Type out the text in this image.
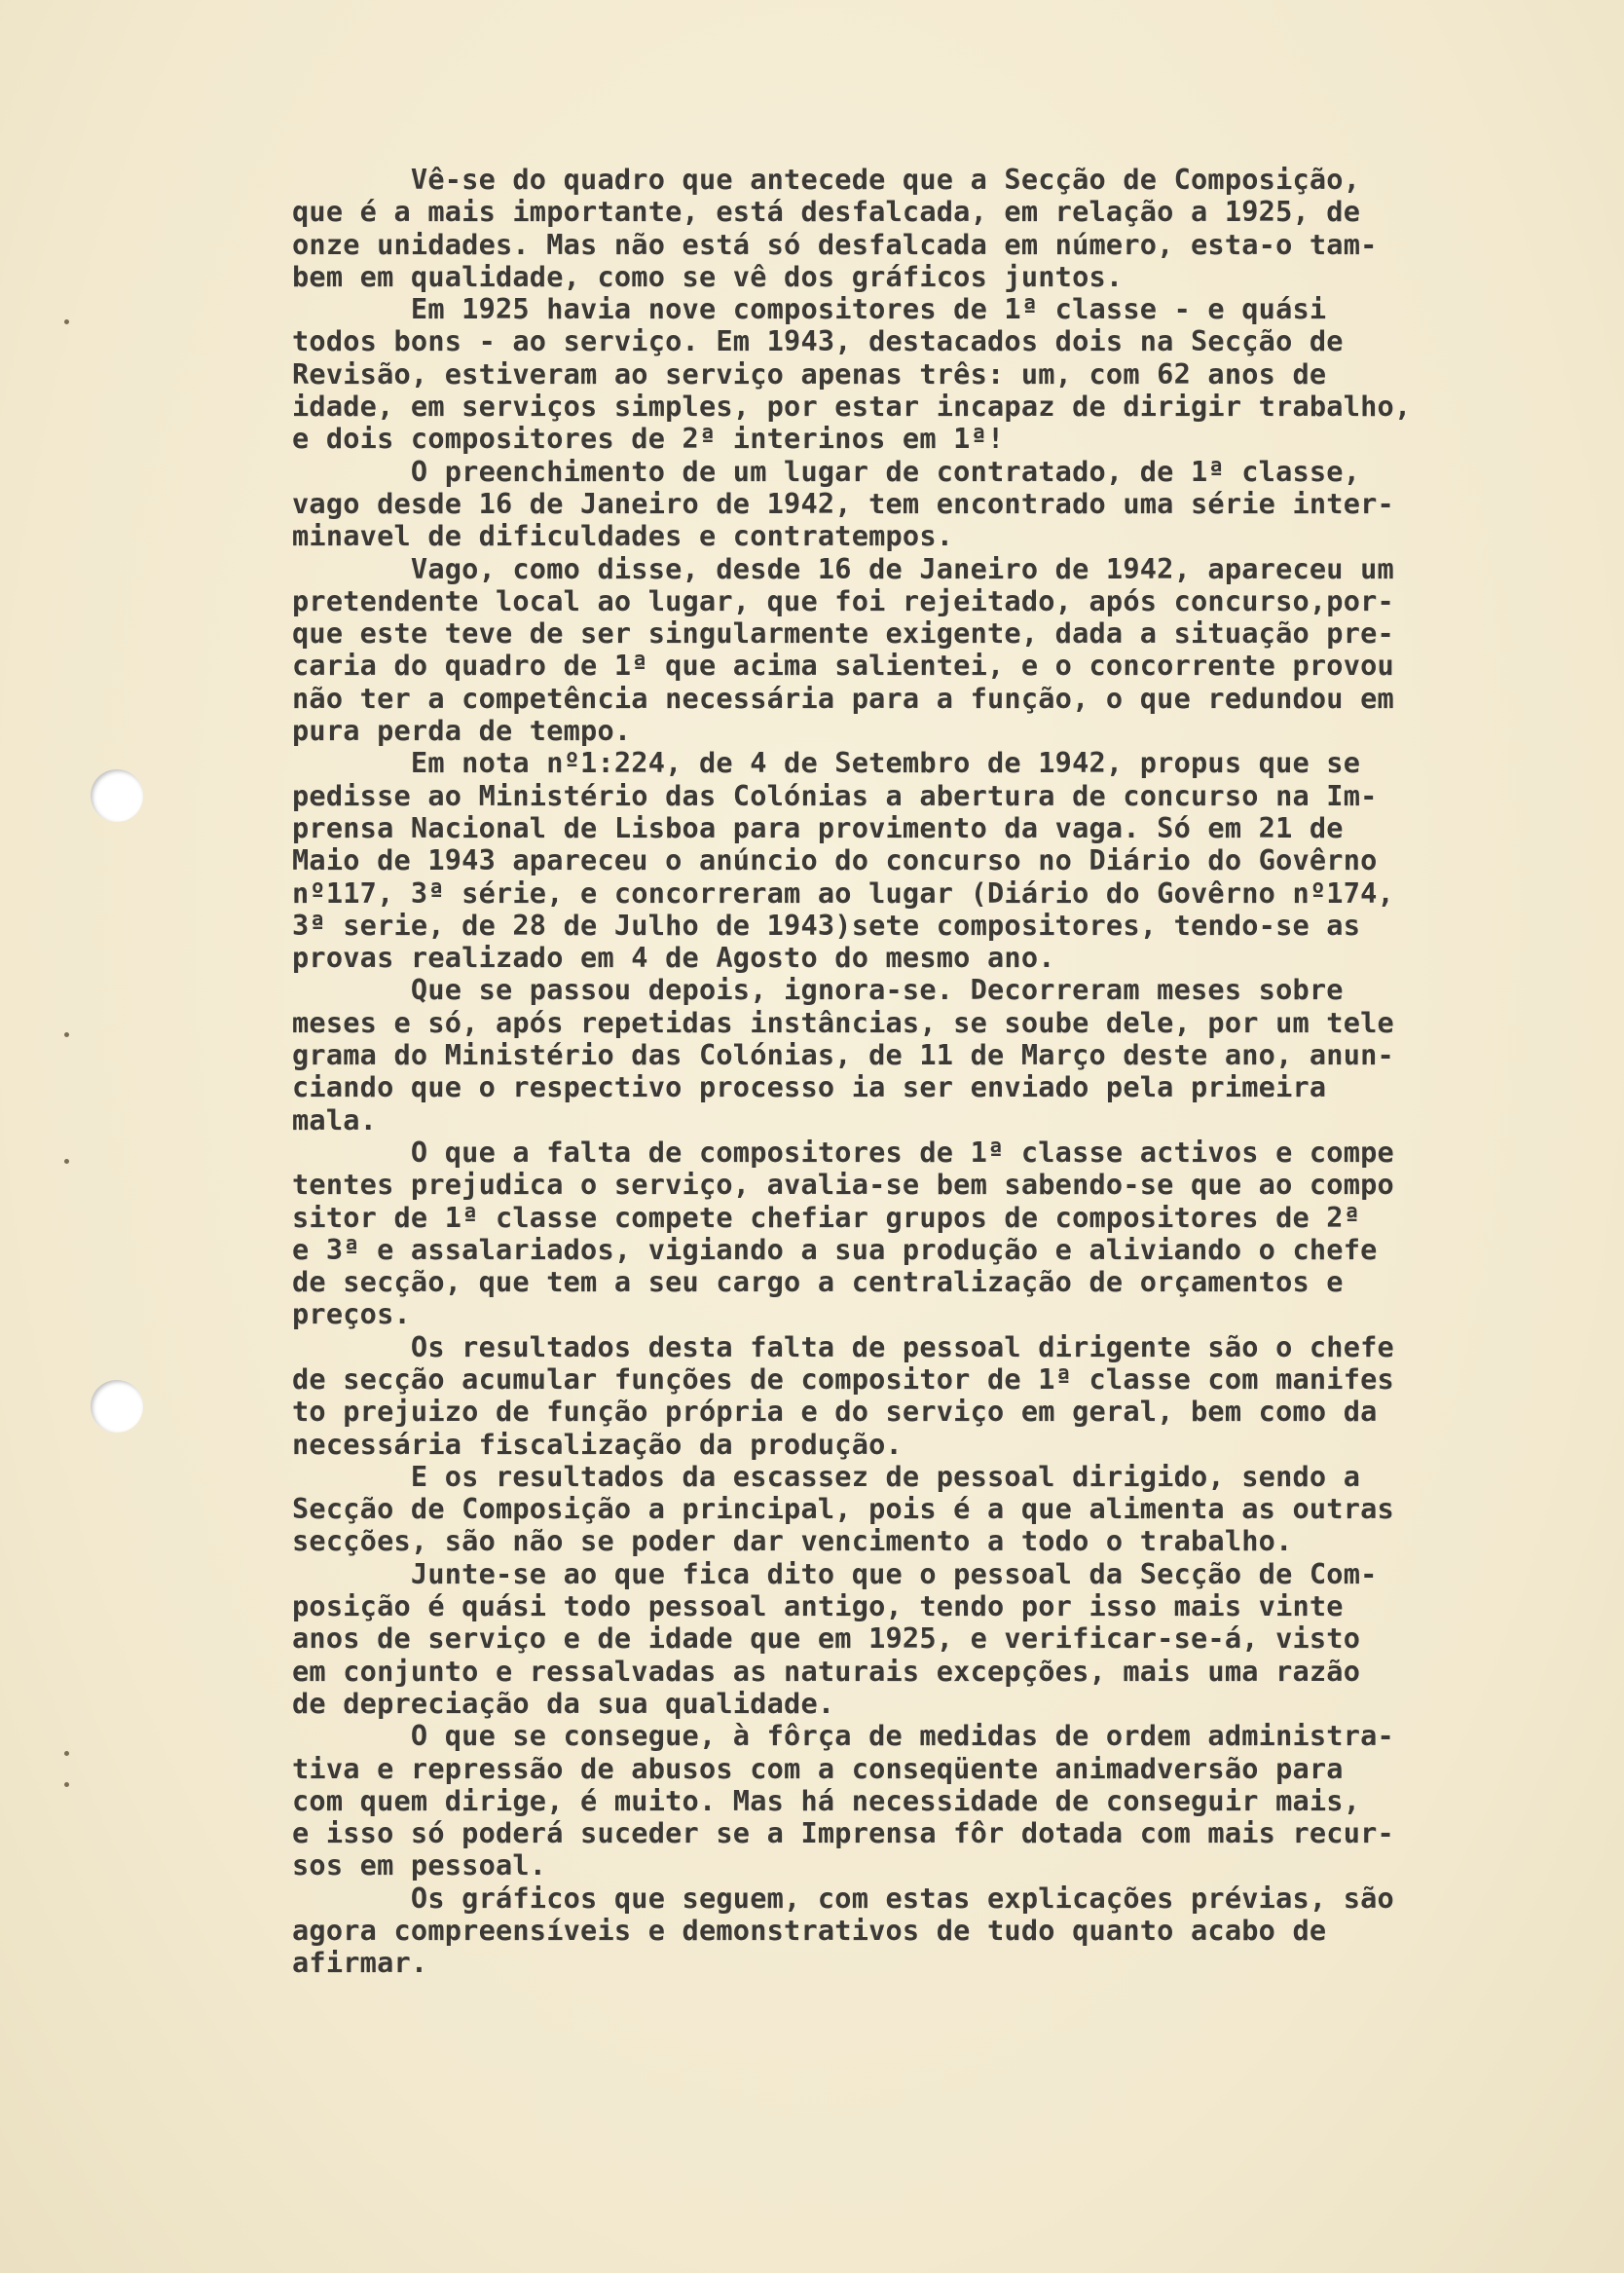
Vê-se do quadro que antecede que a Secção de Composição,
que é a mais importante, está desfalcada, em relação a 1925, de
onze unidades. Mas não está só desfalcada em número, esta-o tam-
bem em qualidade, como se vê dos gráficos juntos.
Em 1925 havia nove compositores de 1ª classe - e quási
todos bons - ao serviço. Em 1943, destacados dois na Secção de
Revisão, estiveram ao serviço apenas três: um, com 62 anos de
idade, em serviços simples, por estar incapaz de dirigir trabalho,
e dois compositores de 2ª interinos em 1ª!
O preenchimento de um lugar de contratado, de 1ª classe,
vago desde 16 de Janeiro de 1942, tem encontrado uma série inter-
minavel de dificuldades e contratempos.
Vago, como disse, desde 16 de Janeiro de 1942, apareceu um
pretendente local ao lugar, que foi rejeitado, após concurso,por-
que este teve de ser singularmente exigente, dada a situação pre-
caria do quadro de 1ª que acima salientei, e o concorrente provou
não ter a competência necessária para a função, o que redundou em
pura perda de tempo.
Em nota nº1:224, de 4 de Setembro de 1942, propus que se
pedisse ao Ministério das Colónias a abertura de concurso na Im-
prensa Nacional de Lisboa para provimento da vaga. Só em 21 de
Maio de 1943 apareceu o anúncio do concurso no Diário do Govêrno
nº117, 3ª série, e concorreram ao lugar (Diário do Govêrno nº174,
3ª serie, de 28 de Julho de 1943)sete compositores, tendo-se as
provas realizado em 4 de Agosto do mesmo ano.
Que se passou depois, ignora-se. Decorreram meses sobre
meses e só, após repetidas instâncias, se soube dele, por um tele
grama do Ministério das Colónias, de 11 de Março deste ano, anun-
ciando que o respectivo processo ia ser enviado pela primeira
mala.
O que a falta de compositores de 1ª classe activos e compe
tentes prejudica o serviço, avalia-se bem sabendo-se que ao compo
sitor de 1ª classe compete chefiar grupos de compositores de 2ª
e 3ª e assalariados, vigiando a sua produção e aliviando o chefe
de secção, que tem a seu cargo a centralização de orçamentos e
preços.
Os resultados desta falta de pessoal dirigente são o chefe
de secção acumular funções de compositor de 1ª classe com manifes
to prejuizo de função própria e do serviço em geral, bem como da
necessária fiscalização da produção.
E os resultados da escassez de pessoal dirigido, sendo a
Secção de Composição a principal, pois é a que alimenta as outras
secções, são não se poder dar vencimento a todo o trabalho.
Junte-se ao que fica dito que o pessoal da Secção de Com-
posição é quási todo pessoal antigo, tendo por isso mais vinte
anos de serviço e de idade que em 1925, e verificar-se-á, visto
em conjunto e ressalvadas as naturais excepções, mais uma razão
de depreciação da sua qualidade.
O que se consegue, à fôrça de medidas de ordem administra-
tiva e repressão de abusos com a conseqüente animadversão para
com quem dirige, é muito. Mas há necessidade de conseguir mais,
e isso só poderá suceder se a Imprensa fôr dotada com mais recur-
sos em pessoal.
Os gráficos que seguem, com estas explicações prévias, são
agora compreensíveis e demonstrativos de tudo quanto acabo de
afirmar.
